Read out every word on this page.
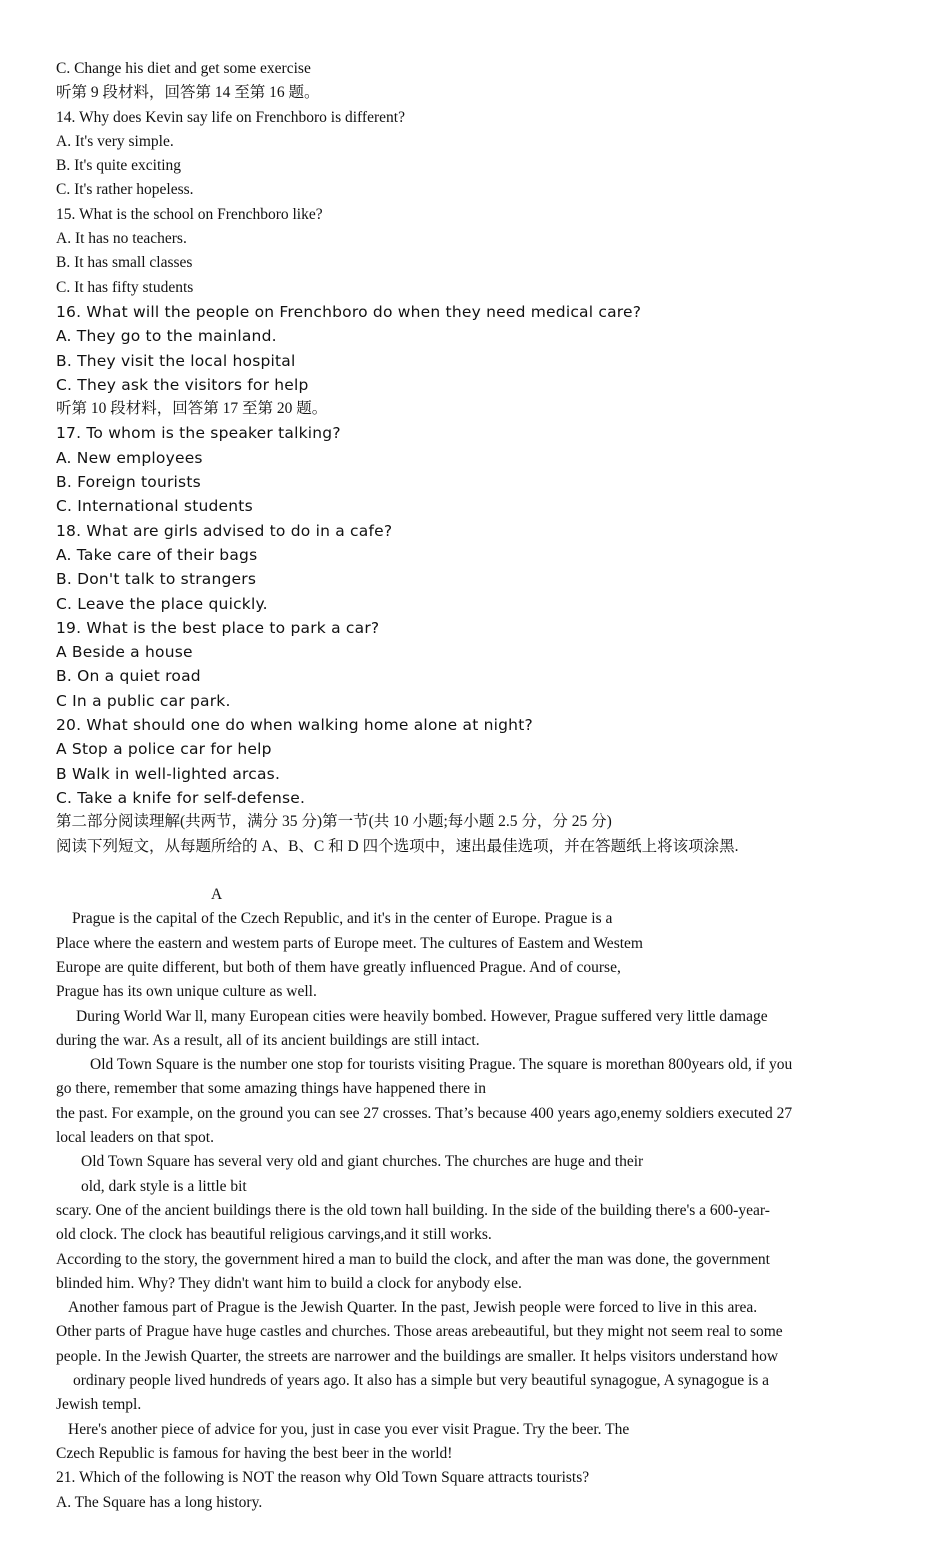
C. Change his diet and get some exercise
听第 9 段材料，回答第 14 至第 16 题。
14. Why does Kevin say life on Frenchboro is different?
A. It's very simple.
B. It's quite exciting
C. It's rather hopeless.
15. What is the school on Frenchboro like?
A. It has no teachers.
B. It has small classes
C. It has fifty students
16. What will the people on Frenchboro do when they need medical care?
A. They go to the mainland.
B. They visit the local hospital
C. They ask the visitors for help
听第 10 段材料，回答第 17 至第 20 题。
17. To whom is the speaker talking?
A. New employees
B. Foreign tourists
C. International students
18. What are girls advised to do in a cafe?
A. Take care of their bags
B. Don't talk to strangers
C. Leave the place quickly.
19. What is the best place to park a car?
A Beside a house
B. On a quiet road
C In a public car park.
20. What should one do when walking home alone at night?
A Stop a police car for help
B Walk in well-lighted arcas.
C. Take a knife for self-defense.
第二部分阅读理解(共两节，满分 35 分)第一节(共 10 小题;每小题 2.5 分，分 25 分)
阅读下列短文，从每题所给的 A、B、C 和 D 四个选项中，速出最佳选项，并在答题纸上将该项涂黑.
A
Prague is the capital of the Czech Republic, and it's in the center of Europe. Prague is a
Place where the eastern and westem parts of Europe meet. The cultures of Eastem and Westem
Europe are quite different, but both of them have greatly influenced Prague. And of course,
Prague has its own unique culture as well.
During World War ll, many European cities were heavily bombed. However, Prague suffered very little damage
during the war. As a result, all of its ancient buildings are still intact.
Old Town Square is the number one stop for tourists visiting Prague. The square is morethan 800years old, if you
go there, remember that some amazing things have happened there in
the past. For example, on the ground you can see 27 crosses. That’s because 400 years ago,enemy soldiers executed 27
local leaders on that spot.
Old Town Square has several very old and giant churches. The churches are huge and their
old, dark style is a little bit
scary. One of the ancient buildings there is the old town hall building. In the side of the building there's a 600-year-
old clock. The clock has beautiful religious carvings,and it still works.
According to the story, the government hired a man to build the clock, and after the man was done, the government
blinded him. Why? They didn't want him to build a clock for anybody else.
Another famous part of Prague is the Jewish Quarter. In the past, Jewish people were forced to live in this area.
Other parts of Prague have huge castles and churches. Those areas arebeautiful, but they might not seem real to some
people. In the Jewish Quarter, the streets are narrower and the buildings are smaller. It helps visitors understand how
ordinary people lived hundreds of years ago. It also has a simple but very beautiful synagogue, A synagogue is a
Jewish templ.
Here's another piece of advice for you, just in case you ever visit Prague. Try the beer. The
Czech Republic is famous for having the best beer in the world!
21. Which of the following is NOT the reason why Old Town Square attracts tourists?
A. The Square has a long history.
